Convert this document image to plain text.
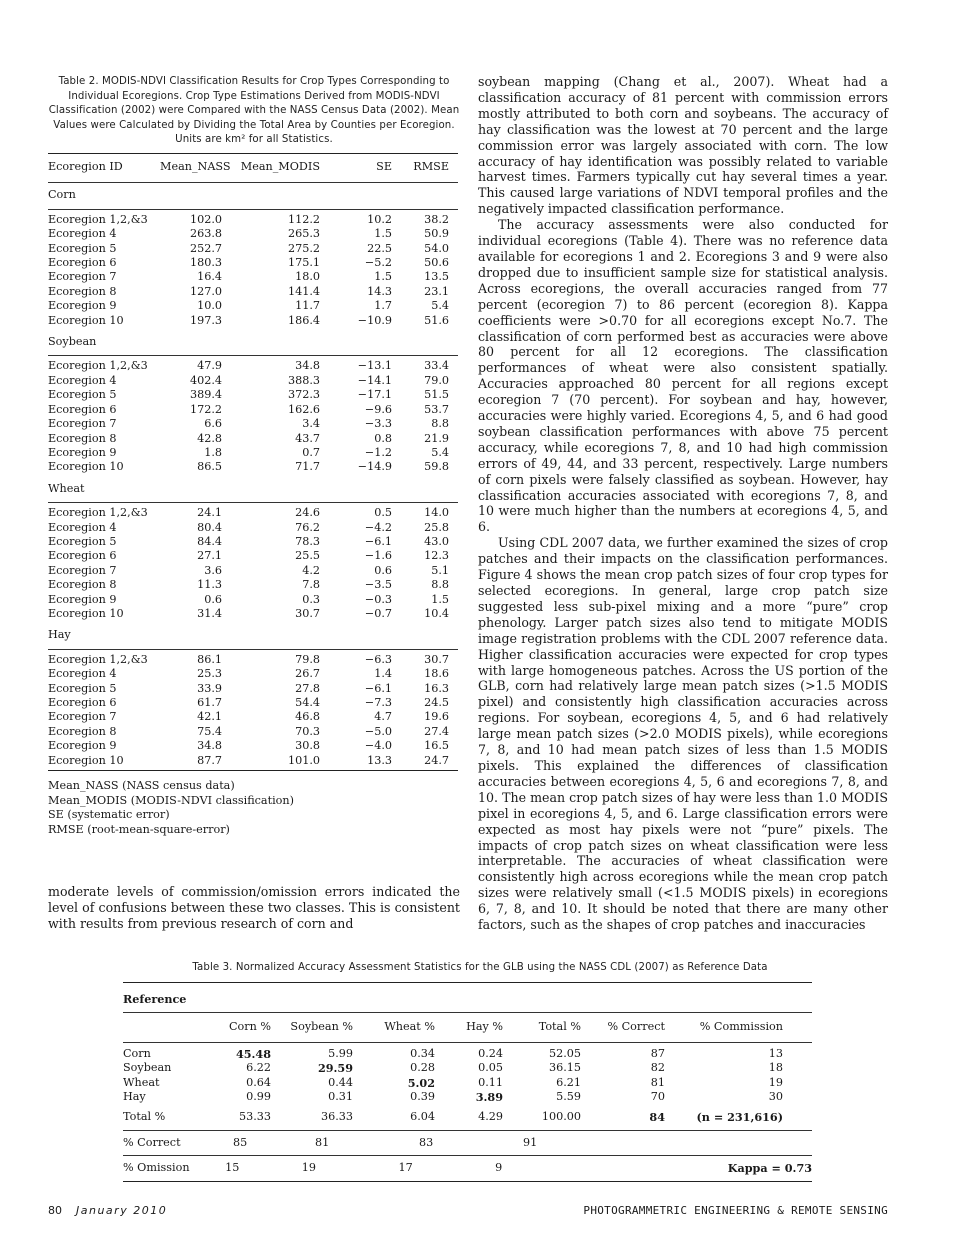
Table 2. MODIS-NDVI Classification Results for Crop Types Corresponding to Individual Ecoregions. Crop Type Estimations Derived from MODIS-NDVI Classification (2002) were Compared with the NASS Census Data (2002). Mean Values were Calculated by Dividing the Total Area by Counties per Ecoregion. Units are km² for all Statistics.
Ecoregion ID	Mean_NASS Mean_MODIS	SE	RMSE
Corn
Ecoregion 1,2,&3	102.0	112.2	10.2	38.2
Ecoregion 4	263.8	265.3	1.5	50.9
Ecoregion 5	252.7	275.2	22.5	54.0
Ecoregion 6	180.3	175.1	−5.2	50.6
Ecoregion 7	16.4	18.0	1.5	13.5
Ecoregion 8	127.0	141.4	14.3	23.1
Ecoregion 9	10.0	11.7	1.7	5.4
Ecoregion 10	197.3	186.4	−10.9	51.6
Soybean
Ecoregion 1,2,&3	47.9	34.8	−13.1	33.4
Ecoregion 4	402.4	388.3	−14.1	79.0
Ecoregion 5	389.4	372.3	−17.1	51.5
Ecoregion 6	172.2	162.6	−9.6	53.7
Ecoregion 7	6.6	3.4	−3.3	8.8
Ecoregion 8	42.8	43.7	0.8	21.9
Ecoregion 9	1.8	0.7	−1.2	5.4
Ecoregion 10	86.5	71.7	−14.9	59.8
Wheat
Ecoregion 1,2,&3	24.1	24.6	0.5	14.0
Ecoregion 4	80.4	76.2	−4.2	25.8
Ecoregion 5	84.4	78.3	−6.1	43.0
Ecoregion 6	27.1	25.5	−1.6	12.3
Ecoregion 7	3.6	4.2	0.6	5.1
Ecoregion 8	11.3	7.8	−3.5	8.8
Ecoregion 9	0.6	0.3	−0.3	1.5
Ecoregion 10	31.4	30.7	−0.7	10.4
Hay
Ecoregion 1,2,&3	86.1	79.8	−6.3	30.7
Ecoregion 4	25.3	26.7	1.4	18.6
Ecoregion 5	33.9	27.8	−6.1	16.3
Ecoregion 6	61.7	54.4	−7.3	24.5
Ecoregion 7	42.1	46.8	4.7	19.6
Ecoregion 8	75.4	70.3	−5.0	27.4
Ecoregion 9	34.8	30.8	−4.0	16.5
Ecoregion 10	87.7	101.0	13.3	24.7
Mean_NASS (NASS census data)
Mean_MODIS (MODIS-NDVI classification)
SE (systematic error)
RMSE (root-mean-square-error)

moderate levels of commission/omission errors indicated the level of confusions between these two classes. This is consistent with results from previous research of corn and

soybean mapping (Chang et al., 2007). Wheat had a classification accuracy of 81 percent with commission errors mostly attributed to both corn and soybeans. The accuracy of hay classification was the lowest at 70 percent and the large commission error was largely associated with corn. The low accuracy of hay identification was possibly related to variable harvest times. Farmers typically cut hay several times a year. This caused large variations of NDVI temporal profiles and the negatively impacted classification performance.

The accuracy assessments were also conducted for individual ecoregions (Table 4). There was no reference data available for ecoregions 1 and 2. Ecoregions 3 and 9 were also dropped due to insufficient sample size for statistical analysis. Across ecoregions, the overall accuracies ranged from 77 percent (ecoregion 7) to 86 percent (ecoregion 8). Kappa coefficients were >0.70 for all ecoregions except No.7. The classification of corn performed best as accuracies were above 80 percent for all 12 ecoregions. The classification performances of wheat were also consistent spatially. Accuracies approached 80 percent for all regions except ecoregion 7 (70 percent). For soybean and hay, however, accuracies were highly varied. Ecoregions 4, 5, and 6 had good soybean classification performances with above 75 percent accuracy, while ecoregions 7, 8, and 10 had high commission errors of 49, 44, and 33 percent, respectively. Large numbers of corn pixels were falsely classified as soybean. However, hay classification accuracies associated with ecoregions 7, 8, and 10 were much higher than the numbers at ecoregions 4, 5, and 6.

Using CDL 2007 data, we further examined the sizes of crop patches and their impacts on the classification performances. Figure 4 shows the mean crop patch sizes of four crop types for selected ecoregions. In general, large crop patch size suggested less sub-pixel mixing and a more “pure” crop phenology. Larger patch sizes also tend to mitigate MODIS image registration problems with the CDL 2007 reference data. Higher classification accuracies were expected for crop types with large homogeneous patches. Across the US portion of the GLB, corn had relatively large mean patch sizes (>1.5 MODIS pixel) and consistently high classification accuracies across regions. For soybean, ecoregions 4, 5, and 6 had relatively large mean patch sizes (>2.0 MODIS pixels), while ecoregions 7, 8, and 10 had mean patch sizes of less than 1.5 MODIS pixels. This explained the differences of classification accuracies between ecoregions 4, 5, 6 and ecoregions 7, 8, and 10. The mean crop patch sizes of hay were less than 1.0 MODIS pixel in ecoregions 4, 5, and 6. Large classification errors were expected as most hay pixels were not “pure” pixels. The impacts of crop patch sizes on wheat classification were less interpretable. The accuracies of wheat classification were consistently high across ecoregions while the mean crop patch sizes were relatively small (<1.5 MODIS pixels) in ecoregions 6, 7, 8, and 10. It should be noted that there are many other factors, such as the shapes of crop patches and inaccuracies

Table 3. Normalized Accuracy Assessment Statistics for the GLB using the NASS CDL (2007) as Reference Data
Reference
Corn %	Soybean %	Wheat %	Hay %	Total %	% Correct	% Commission
Corn	45.48	5.99	0.34	0.24	52.05	87	13
Soybean	6.22	29.59	0.28	0.05	36.15	82	18
Wheat	0.64	0.44	5.02	0.11	6.21	81	19
Hay	0.99	0.31	0.39	3.89	5.59	70	30
Total %	53.33	36.33	6.04	4.29	100.00	84	(n = 231,616)
% Correct	85	81	83	91
% Omission	15	19	17	9	Kappa = 0.73
80 January 2010	PHOTOGRAMMETRIC ENGINEERING & REMOTE SENSING
